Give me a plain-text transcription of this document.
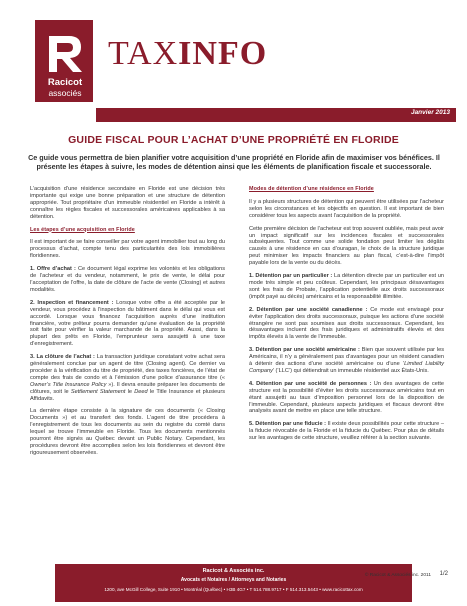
Racicot
associés
TAXINFO
Janvier 2013
GUIDE FISCAL POUR L’ACHAT D’UNE PROPRIÉTÉ EN FLORIDE
Ce guide vous permettra de bien planifier votre acquisition d’une propriété en Floride afin de maximiser vos bénéfices. Il présente les étapes à suivre, les modes de détention ainsi que les éléments de planification fiscale et successorale.

L’acquisition d’une résidence secondaire en Floride est une décision très importante qui exige une bonne préparation et une structure de détention appropriée. Tout propriétaire d’un immeuble résidentiel en Floride a intérêt à connaître les règles fiscales et successorales américaines applicables à sa détention.

Les étapes d’une acquisition en Floride

Il est important de se faire conseiller par votre agent immobilier tout au long du processus d’achat, compte tenu des particularités des lois immobilières floridiennes.

1. Offre d’achat : Ce document légal exprime les volontés et les obligations de l’acheteur et du vendeur, notamment, le prix de vente, le délai pour l’acceptation de l’offre, la date de clôture de l’acte de vente (Closing) et autres modalités.

2. Inspection et financement : Lorsque votre offre a été acceptée par le vendeur, vous procédez à l’inspection du bâtiment dans le délai qui vous est accordé. Lorsque vous financez l’acquisition auprès d’une institution financière, votre prêteur pourra demander qu’une évaluation de la propriété soit faite pour vérifier la valeur marchande de la propriété. Aussi, dans la plupart des prêts en Floride, l’emprunteur sera assujetti à une taxe d’enregistrement.

3. La clôture de l’achat : La transaction juridique constatant votre achat sera généralement conclue par un agent de titre (Closing agent). Ce dernier va procéder à la vérification du titre de propriété, des taxes foncières, de l’état de compte des frais de condo et à l’émission d’une police d’assurance titre (« Owner’s Title Insurance Policy »). Il devra ensuite préparer les documents de clôtures, soit le Settlement Statement le Deed le Title Insurance et plusieurs Affidavits.

La dernière étape consiste à la signature de ces documents (« Closing Documents ») et au transfert des fonds. L’agent de titre procédera à l’enregistrement de tous les documents au sein du registre du comté dans lequel se trouve l’immeuble en Floride. Tous les documents mentionnés pourront être signés au Québec devant un Public Notary. Cependant, les procédures devront être accomplies selon les lois floridiennes et devront être rigoureusement observées.

Modes de détention d’une résidence en Floride

Il y a plusieurs structures de détention qui peuvent être utilisées par l’acheteur selon les circonstances et les objectifs en question. Il est important de bien considérer tous les aspects avant l’acquisition de la propriété.

Cette première décision de l’acheteur est trop souvent oubliée, mais peut avoir un impact significatif sur les incidences fiscales et successorales subséquentes. Tout comme une solide fondation peut limiter les dégâts causés à une résidence en cas d’ouragan, le choix de la structure juridique peut minimiser les impacts financiers au plan fiscal, c’est-à-dire l’impôt payable lors de la vente ou du décès.

1. Détention par un particulier : La détention directe par un particulier est un mode très simple et peu coûteux. Cependant, les principaux désavantages sont les frais de Probate, l’application potentielle aux droits successoraux (impôt payé au décès) américains et la responsabilité illimitée.

2. Détention par une société canadienne : Ce mode est envisagé pour éviter l’application des droits successoraux, puisque les actions d’une société étrangère ne sont pas soumises aux droits successoraux. Cependant, les désavantages incluent des frais juridiques et administratifs élevés et des impôts élevés à la vente de l’immeuble.

3. Détention par une société américaine : Bien que souvent utilisée par les Américains, il n’y a généralement pas d’avantages pour un résident canadien à détenir des actions d’une société américaine ou d’une ‘Limited Liability Company’ (‘LLC’) qui détiendrait un immeuble résidentiel aux États-Unis.

4. Détention par une société de personnes : Un des avantages de cette structure est la possibilité d’éviter les droits successoraux américains tout en étant assujetti au taux d’imposition personnel lors de la disposition de l’immeuble. Cependant, plusieurs aspects juridiques et fiscaux devront être analysés avant de mettre en place une telle structure.

5. Détention par une fiducie : Il existe deux possibilités pour cette structure – la fiducie révocable de la Floride et la fiducie du Québec. Pour plus de détails sur les avantages de cette structure, veuillez référer à la section suivante.

Racicot & Associés inc.
Avocats et Notaires / Attorneys and Notaries
1200, ave McGill College, Suite 1910 • Montréal (Québec) • H3B 4G7 • T 514.788.9717 • F 514.313.5443 • www.racicottax.com
© Racicot & Associés inc. 2011 1/2
